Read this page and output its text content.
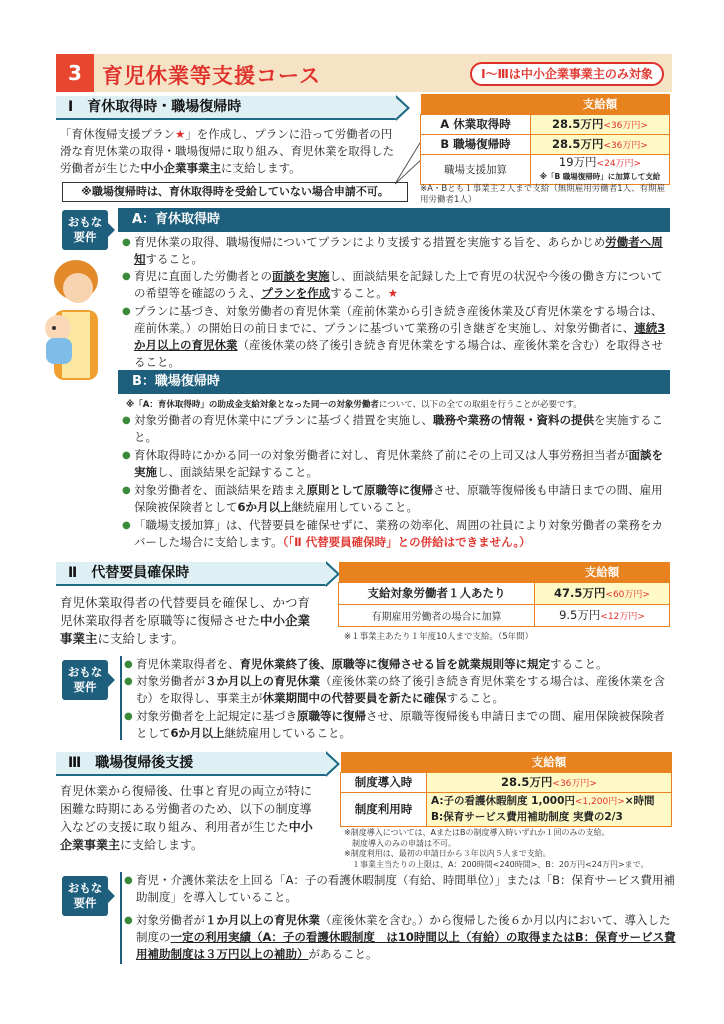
3 育児休業等支援コース	Ⅰ～Ⅲは中小企業事業主のみ対象
Ⅰ　育休取得時・職場復帰時
「育休復帰支援プラン★」を作成し、プランに沿って労働者の円滑な育児休業の取得・職場復帰に取り組み、育児休業を取得した労働者が生じた中小企業事業主に支給します。
※職場復帰時は、育休取得時を受給していない場合申請不可。
	支給額
A 休業取得時	28.5万円<36万円>
B 職場復帰時	28.5万円<36万円>
職場支援加算	19万円<24万円>
※「B 職場復帰時」に加算して支給
※A・Bとも１事業主２人まで支給（無期雇用労働者1人、有期雇用労働者1人）
おもな
要件
A：育休取得時
● 育児休業の取得、職場復帰についてプランにより支援する措置を実施する旨を、あらかじめ労働者へ周知すること。
● 育児に直面した労働者との面談を実施し、面談結果を記録した上で育児の状況や今後の働き方についての希望等を確認のうえ、プランを作成すること。★
● プランに基づき、対象労働者の育児休業（産前休業から引き続き産後休業及び育児休業をする場合は、産前休業。）の開始日の前日までに、プランに基づいて業務の引き継ぎを実施し、対象労働者に、連続3か月以上の育児休業（産後休業の終了後引き続き育児休業をする場合は、産後休業を含む）を取得させること。
B：職場復帰時
※「A：育休取得時」の助成金支給対象となった同一の対象労働者について、以下の全ての取組を行うことが必要です。
● 対象労働者の育児休業中にプランに基づく措置を実施し、職務や業務の情報・資料の提供を実施すること。
● 育休取得時にかかる同一の対象労働者に対し、育児休業終了前にその上司又は人事労務担当者が面談を実施し、面談結果を記録すること。
● 対象労働者を、面談結果を踏まえ原則として原職等に復帰させ、原職等復帰後も申請日までの間、雇用保険被保険者として6か月以上継続雇用していること。
● 「職場支援加算」は、代替要員を確保せずに、業務の効率化、周囲の社員により対象労働者の業務をカバーした場合に支給します。（「Ⅱ 代替要員確保時」との併給はできません。）
Ⅱ　代替要員確保時
育児休業取得者の代替要員を確保し、かつ育児休業取得者を原職等に復帰させた中小企業事業主に支給します。
	支給額
支給対象労働者１人あたり	47.5万円<60万円>
有期雇用労働者の場合に加算	9.5万円<12万円>
※１事業主あたり１年度10人まで支給。（5年間）
おもな
要件
● 育児休業取得者を、育児休業終了後、原職等に復帰させる旨を就業規則等に規定すること。
● 対象労働者が３か月以上の育児休業（産後休業の終了後引き続き育児休業をする場合は、産後休業を含む）を取得し、事業主が休業期間中の代替要員を新たに確保すること。
● 対象労働者を上記規定に基づき原職等に復帰させ、原職等復帰後も申請日までの間、雇用保険被保険者として6か月以上継続雇用していること。
Ⅲ　職場復帰後支援
育児休業から復帰後、仕事と育児の両立が特に困難な時期にある労働者のため、以下の制度導入などの支援に取り組み、利用者が生じた中小企業事業主に支給します。
	支給額
制度導入時	28.5万円<36万円>
制度利用時	A:子の看護休暇制度 1,000円<1,200円>×時間
B:保育サービス費用補助制度 実費の2/3
※制度導入については、AまたはBの制度導入時いずれか１回のみの支給。
　制度導入のみの申請は不可。
※制度利用は、最初の申請日から３年以内５人まで支給。
　１事業主当たりの上限は、A：200時間<240時間>、B：20万円<24万円>まで。
おもな
要件
● 育児・介護休業法を上回る「A：子の看護休暇制度（有給、時間単位）」または「B：保育サービス費用補助制度」を導入していること。
● 対象労働者が１か月以上の育児休業（産後休業を含む。）から復帰した後６か月以内において、導入した制度の一定の利用実績（A：子の看護休暇制度　は10時間以上（有給）の取得またはB：保育サービス費用補助制度は３万円以上の補助）があること。
